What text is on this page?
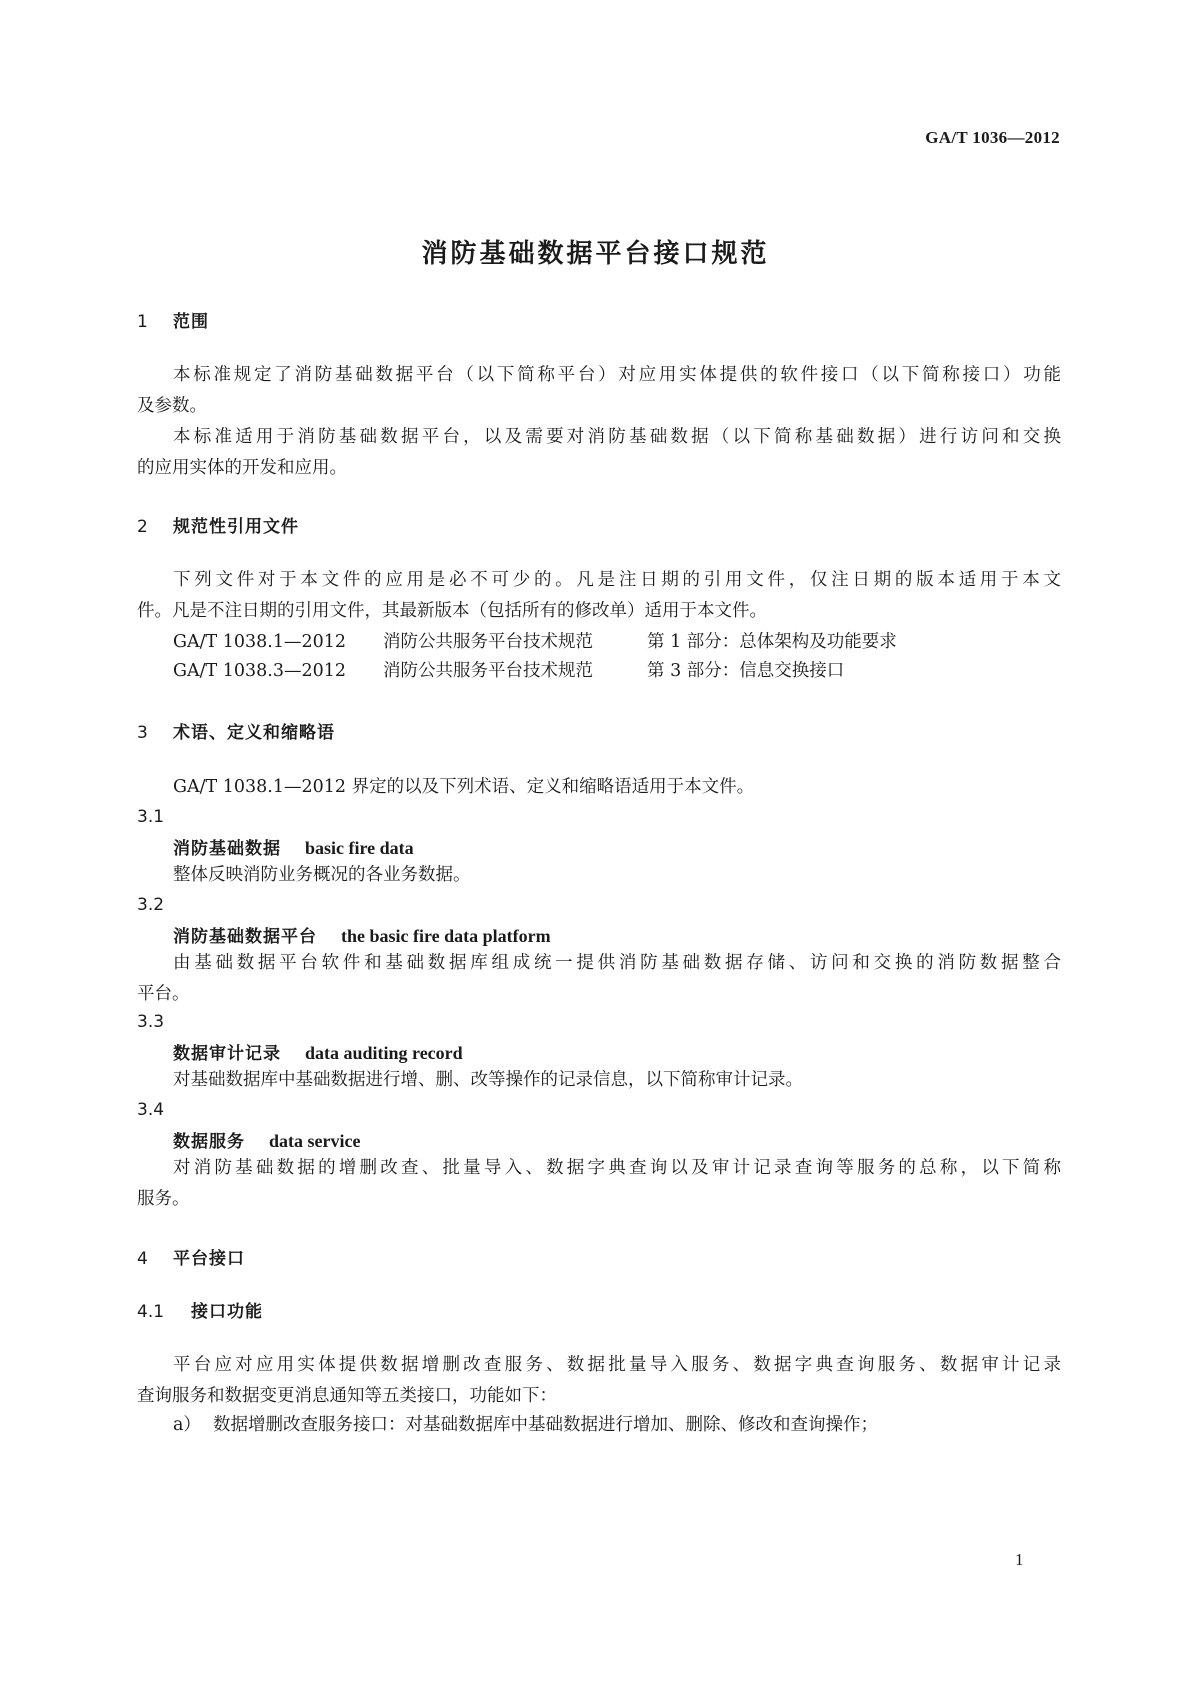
GA/T 1036—2012
消防基础数据平台接口规范
1 范围
本标准规定了消防基础数据平台（以下简称平台）对应用实体提供的软件接口（以下简称接口）功能
及参数。
本标准适用于消防基础数据平台，以及需要对消防基础数据（以下简称基础数据）进行访问和交换
的应用实体的开发和应用。
2 规范性引用文件
下列文件对于本文件的应用是必不可少的。凡是注日期的引用文件，仅注日期的版本适用于本文
件。凡是不注日期的引用文件，其最新版本（包括所有的修改单）适用于本文件。
GA/T 1038.1—2012 消防公共服务平台技术规范	第 1 部分：总体架构及功能要求
GA/T 1038.3—2012 消防公共服务平台技术规范	第 3 部分：信息交换接口
3 术语、定义和缩略语
GA/T 1038.1—2012 界定的以及下列术语、定义和缩略语适用于本文件。
3.1
消防基础数据 basic fire data
整体反映消防业务概况的各业务数据。
3.2
消防基础数据平台 the basic fire data platform
由基础数据平台软件和基础数据库组成统一提供消防基础数据存储、访问和交换的消防数据整合
平台。
3.3
数据审计记录 data auditing record
对基础数据库中基础数据进行增、删、改等操作的记录信息，以下简称审计记录。
3.4
数据服务 data service
对消防基础数据的增删改查、批量导入、数据字典查询以及审计记录查询等服务的总称，以下简称
服务。
4 平台接口
4.1 接口功能
平台应对应用实体提供数据增删改查服务、数据批量导入服务、数据字典查询服务、数据审计记录
查询服务和数据变更消息通知等五类接口，功能如下：
a） 数据增删改查服务接口：对基础数据库中基础数据进行增加、删除、修改和查询操作；
1
